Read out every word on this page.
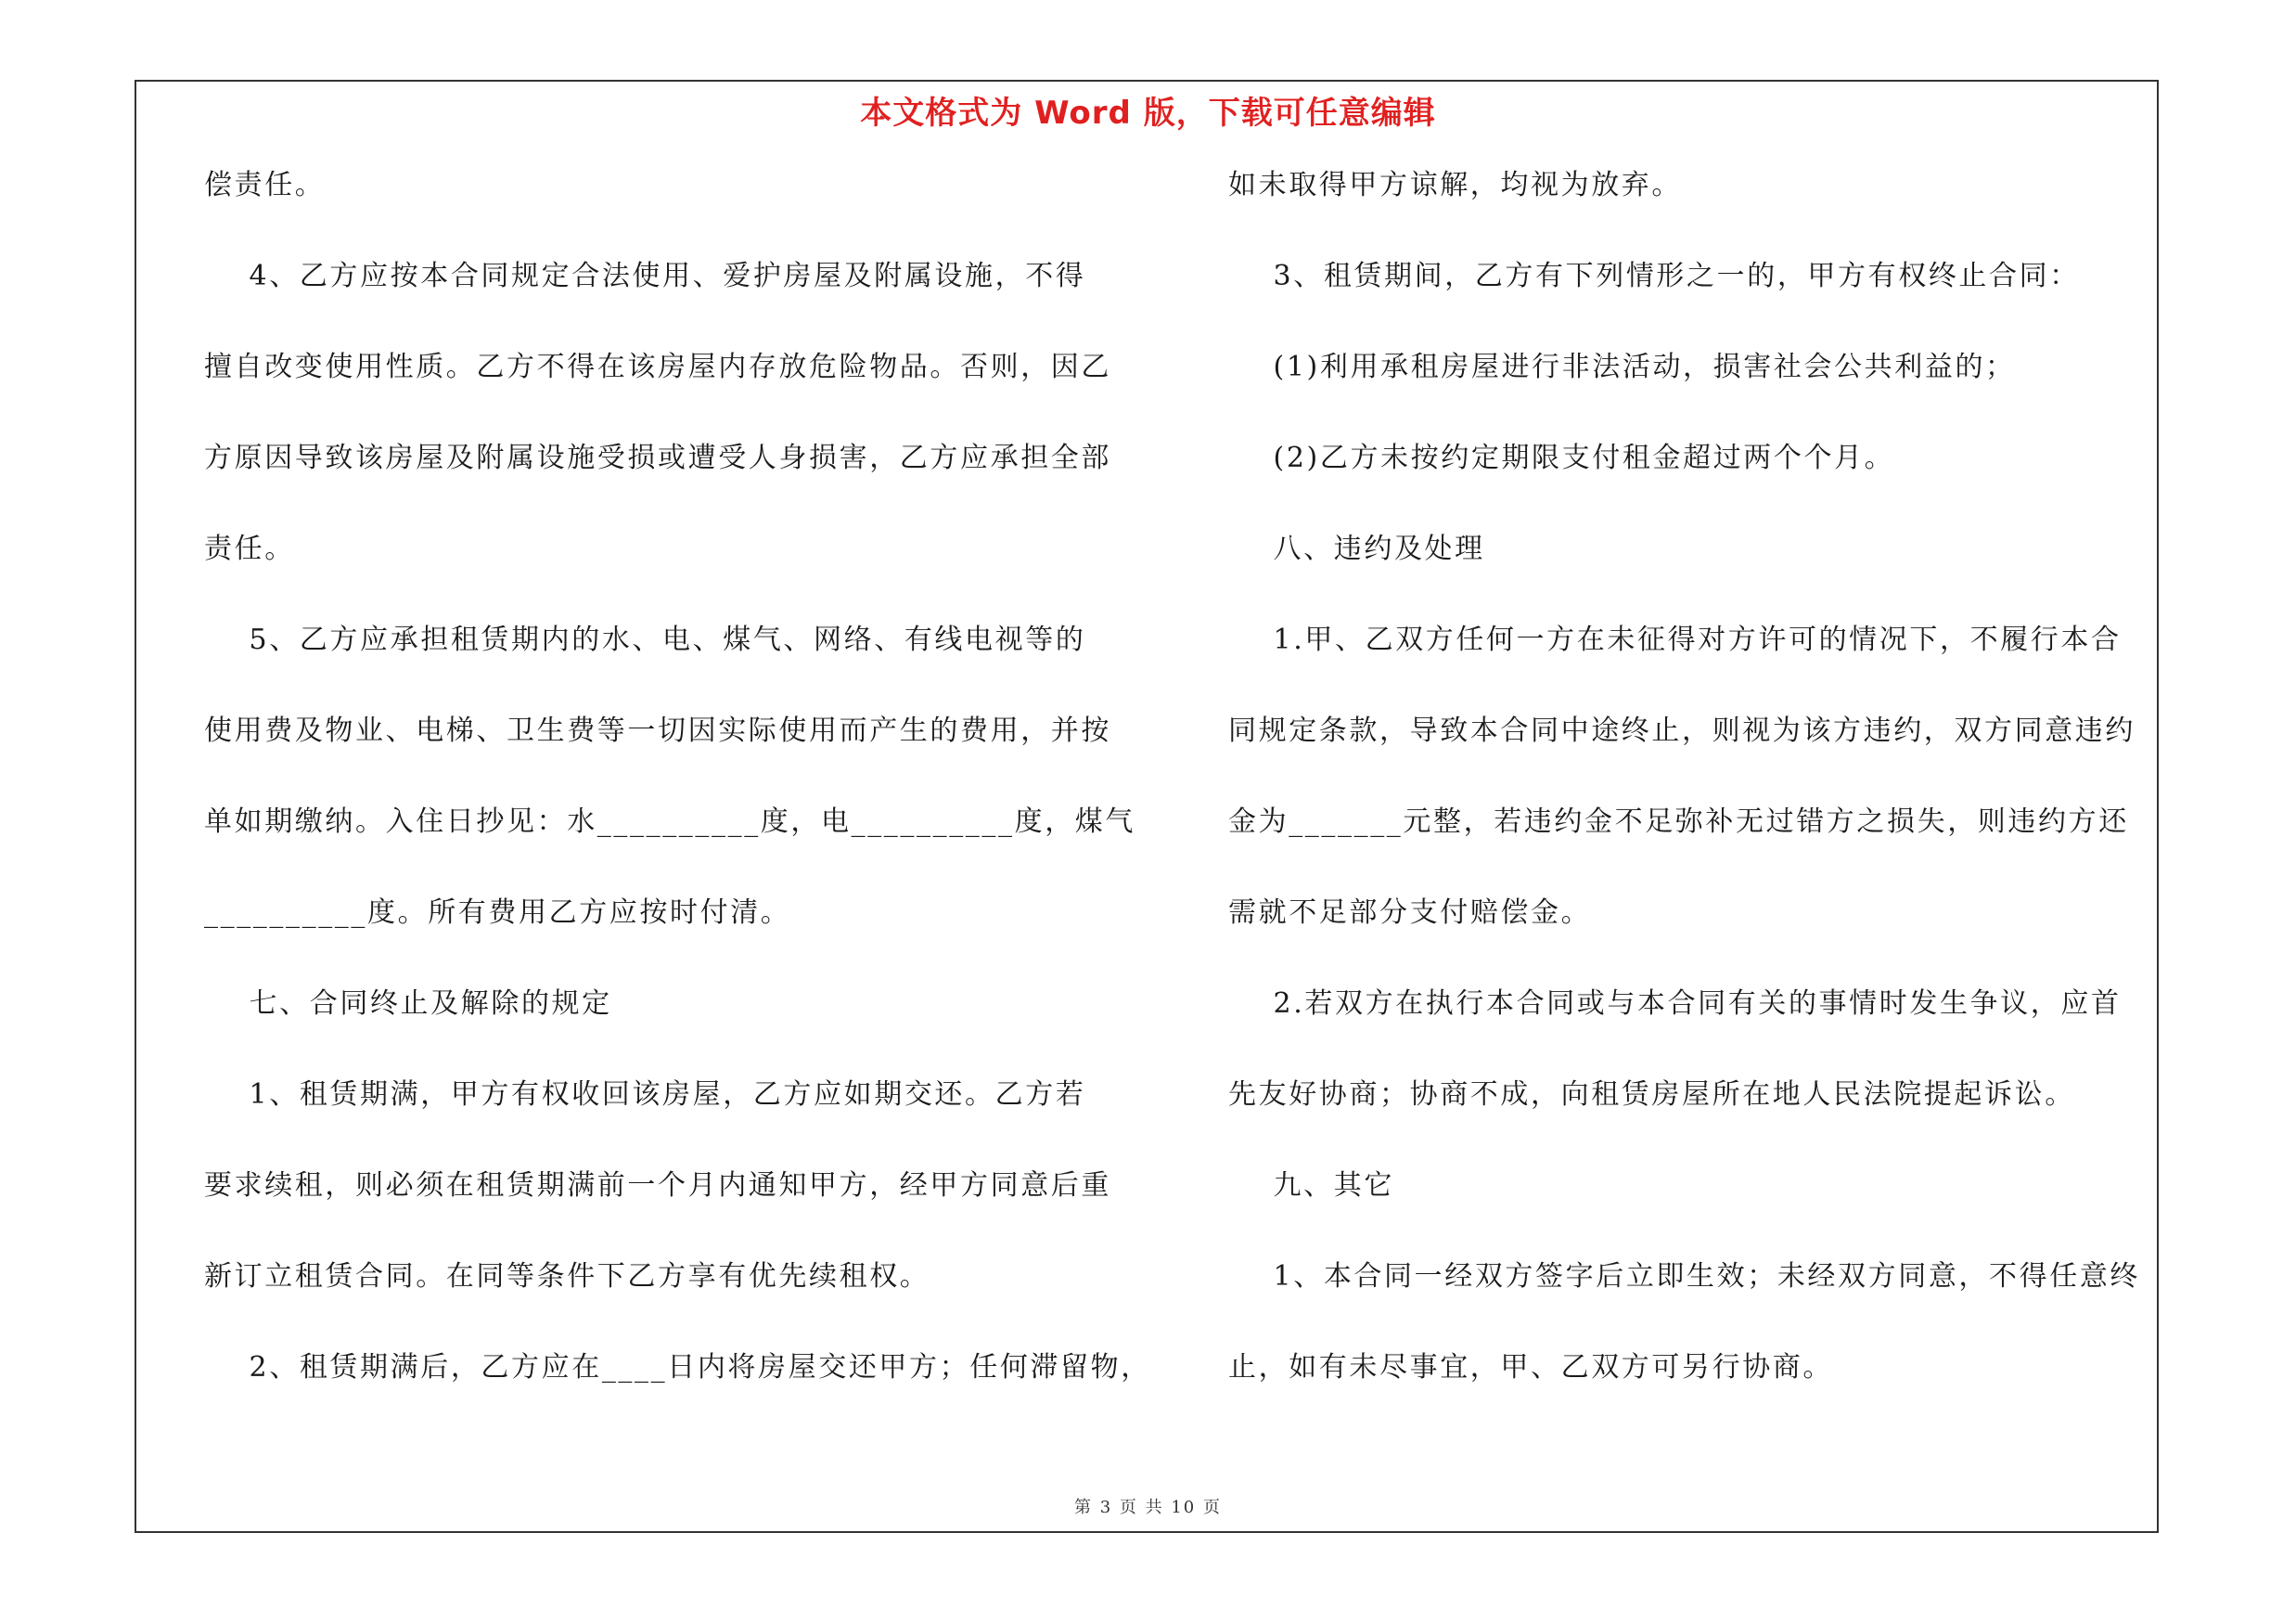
本文格式为 Word 版，下载可任意编辑
偿责任。
4、乙方应按本合同规定合法使用、爱护房屋及附属设施，不得
擅自改变使用性质。乙方不得在该房屋内存放危险物品。否则，因乙
方原因导致该房屋及附属设施受损或遭受人身损害，乙方应承担全部
责任。
5、乙方应承担租赁期内的水、电、煤气、网络、有线电视等的
使用费及物业、电梯、卫生费等一切因实际使用而产生的费用，并按
单如期缴纳。入住日抄见：水__________度，电__________度，煤气
__________度。所有费用乙方应按时付清。
七、合同终止及解除的规定
1、租赁期满，甲方有权收回该房屋，乙方应如期交还。乙方若
要求续租，则必须在租赁期满前一个月内通知甲方，经甲方同意后重
新订立租赁合同。在同等条件下乙方享有优先续租权。
2、租赁期满后，乙方应在____日内将房屋交还甲方；任何滞留物，
如未取得甲方谅解，均视为放弃。
3、租赁期间，乙方有下列情形之一的，甲方有权终止合同：
(1)利用承租房屋进行非法活动，损害社会公共利益的；
(2)乙方未按约定期限支付租金超过两个个月。
八、违约及处理
1.甲、乙双方任何一方在未征得对方许可的情况下，不履行本合
同规定条款，导致本合同中途终止，则视为该方违约，双方同意违约
金为_______元整，若违约金不足弥补无过错方之损失，则违约方还
需就不足部分支付赔偿金。
2.若双方在执行本合同或与本合同有关的事情时发生争议，应首
先友好协商；协商不成，向租赁房屋所在地人民法院提起诉讼。
九、其它
1、本合同一经双方签字后立即生效；未经双方同意，不得任意终
止，如有未尽事宜，甲、乙双方可另行协商。
第 3 页 共 10 页
